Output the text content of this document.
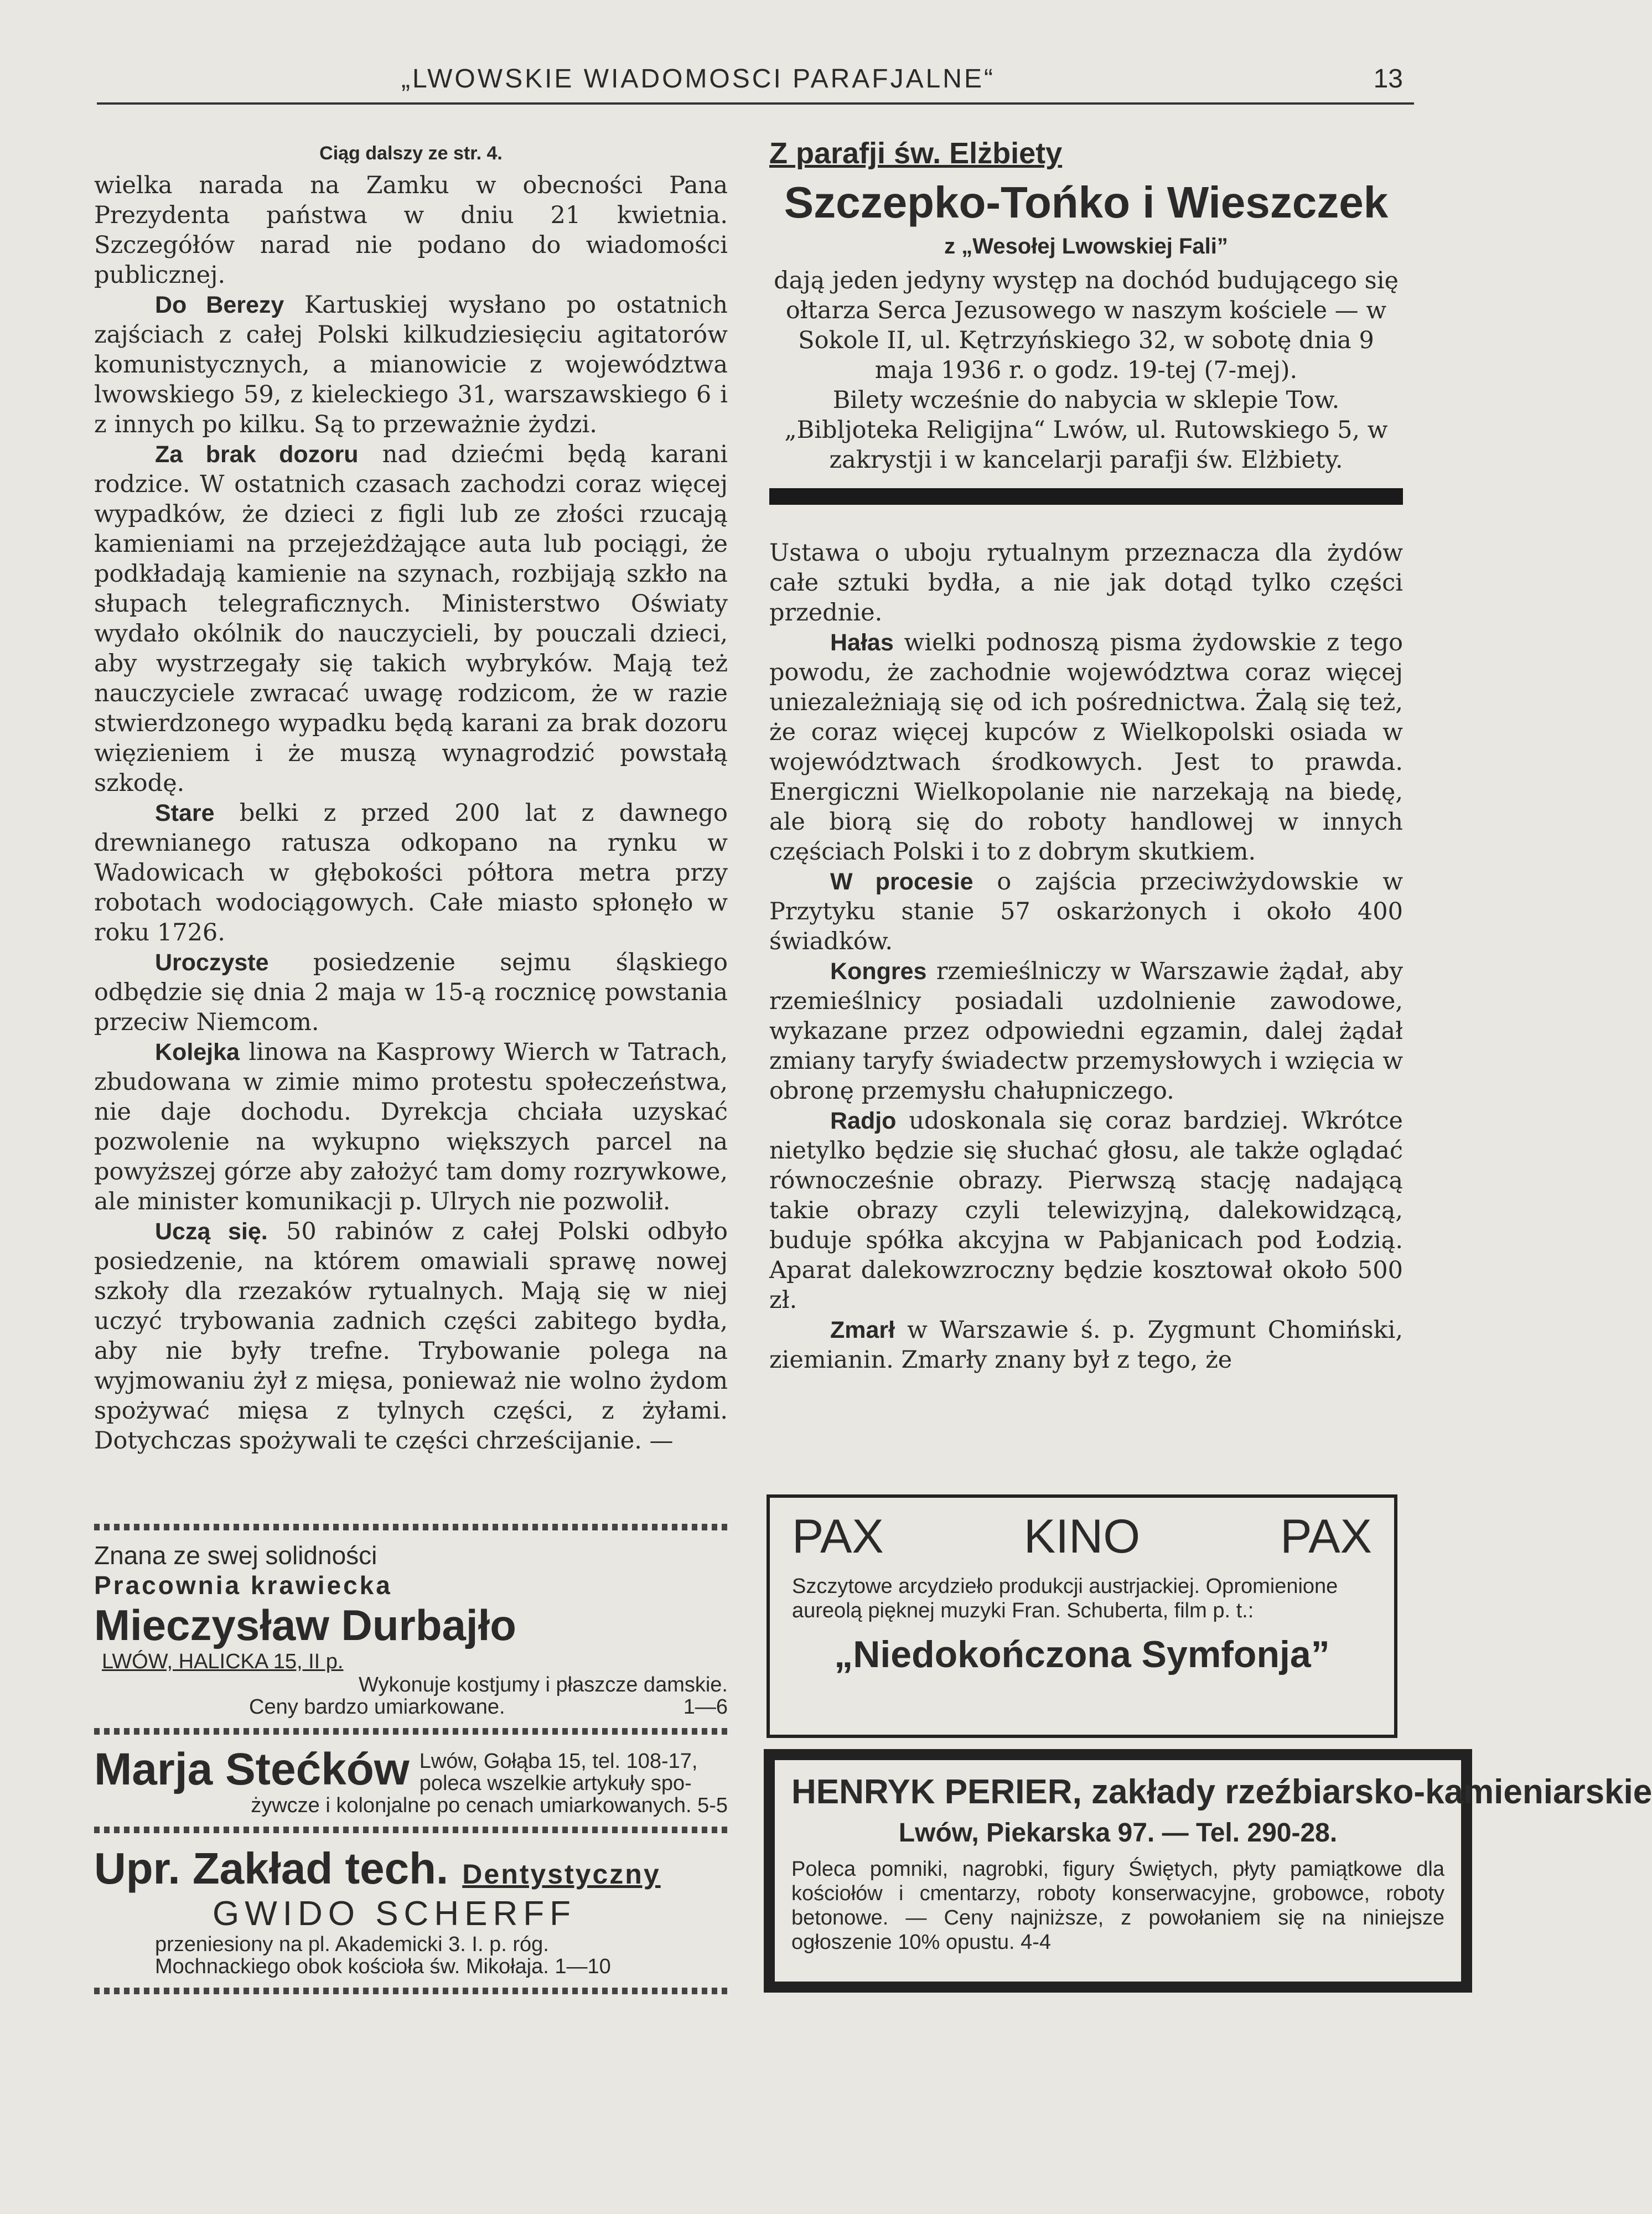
„LWOWSKIE WIADOMOSCI PARAFJALNE“	13

Ciąg dalszy ze str. 4.

wielka narada na Zamku w obecności Pana Prezydenta państwa w dniu 21 kwietnia. Szczegółów narad nie podano do wiadomości publicznej.

Do Berezy Kartuskiej wysłano po ostatnich zajściach z całej Polski kilkudziesięciu agitatorów komunistycznych, a mianowicie z województwa lwowskiego 59, z kieleckiego 31, warszawskiego 6 i z innych po kilku. Są to przeważnie żydzi.

Za brak dozoru nad dziećmi będą karani rodzice. W ostatnich czasach zachodzi coraz więcej wypadków, że dzieci z figli lub ze złości rzucają kamieniami na przejeżdżające auta lub pociągi, że podkładają kamienie na szynach, rozbijają szkło na słupach telegraficznych. Ministerstwo Oświaty wydało okólnik do nauczycieli, by pouczali dzieci, aby wystrzegały się takich wybryków. Mają też nauczyciele zwracać uwagę rodzicom, że w razie stwierdzonego wypadku będą karani za brak dozoru więzieniem i że muszą wynagrodzić powstałą szkodę.

Stare belki z przed 200 lat z dawnego drewnianego ratusza odkopano na rynku w Wadowicach w głębokości półtora metra przy robotach wodociągowych. Całe miasto spłonęło w roku 1726.

Uroczyste posiedzenie sejmu śląskiego odbędzie się dnia 2 maja w 15-ą rocznicę powstania przeciw Niemcom.

Kolejka linowa na Kasprowy Wierch w Tatrach, zbudowana w zimie mimo protestu społeczeństwa, nie daje dochodu. Dyrekcja chciała uzyskać pozwolenie na wykupno większych parcel na powyższej górze aby założyć tam domy rozrywkowe, ale minister komunikacji p. Ulrych nie pozwolił.

Uczą się. 50 rabinów z całej Polski odbyło posiedzenie, na którem omawiali sprawę nowej szkoły dla rzezaków rytualnych. Mają się w niej uczyć trybowania zadnich części zabitego bydła, aby nie były trefne. Trybowanie polega na wyjmowaniu żył z mięsa, ponieważ nie wolno żydom spożywać mięsa z tylnych części, z żyłami. Dotychczas spożywali te części chrześcijanie. —

Znana ze swej solidności
Pracownia krawiecka
Mieczysław Durbajło LWÓW, HALICKA 15, II p.
Wykonuje kostjumy i płaszcze damskie.
Ceny bardzo umiarkowane.	1—6
Marja Stećków Lwów, Gołąba 15, tel. 108-17,
poleca wszelkie artykuły spo-
żywcze i kolonjalne po cenach umiarkowanych. 5-5
Upr. Zakład tech. Dentystyczny
GWIDO SCHERFF
przeniesiony na pl. Akademicki 3. I. p. róg.
Mochnackiego obok kościoła św. Mikołaja. 1—10

Z parafji św. Elżbiety

Szczepko-Tońko i Wieszczek

z „Wesołej Lwowskiej Fali”

dają jeden jedyny występ na dochód budującego się ołtarza Serca Jezusowego w naszym kościele — w Sokole II, ul. Kętrzyńskiego 32, w sobotę dnia 9 maja 1936 r. o godz. 19-tej (7-mej).

Bilety wcześnie do nabycia w sklepie Tow. „Bibljoteka Religijna“ Lwów, ul. Rutowskiego 5, w zakrystji i w kancelarji parafji św. Elżbiety.

Ustawa o uboju rytualnym przeznacza dla żydów całe sztuki bydła, a nie jak dotąd tylko części przednie.

Hałas wielki podnoszą pisma żydowskie z tego powodu, że zachodnie województwa coraz więcej uniezależniają się od ich pośrednictwa. Żalą się też, że coraz więcej kupców z Wielkopolski osiada w województwach środkowych. Jest to prawda. Energiczni Wielkopolanie nie narzekają na biedę, ale biorą się do roboty handlowej w innych częściach Polski i to z dobrym skutkiem.

W procesie o zajścia przeciwżydowskie w Przytyku stanie 57 oskarżonych i około 400 świadków.

Kongres rzemieślniczy w Warszawie żądał, aby rzemieślnicy posiadali uzdolnienie zawodowe, wykazane przez odpowiedni egzamin, dalej żądał zmiany taryfy świadectw przemysłowych i wzięcia w obronę przemysłu chałupniczego.

Radjo udoskonala się coraz bardziej. Wkrótce nietylko będzie się słuchać głosu, ale także oglądać równocześnie obrazy. Pierwszą stację nadającą takie obrazy czyli telewizyjną, dalekowidzącą, buduje spółka akcyjna w Pabjanicach pod Łodzią. Aparat dalekowzroczny będzie kosztował około 500 zł.

Zmarł w Warszawie ś. p. Zygmunt Chomiński, ziemianin. Zmarły znany był z tego, że

PAX	KINO	PAX
Szczytowe arcydzieło produkcji austrjackiej. Opromienione aureolą pięknej muzyki Fran. Schuberta, film p. t.:
„Niedokończona Symfonja”
HENRYK PERIER, zakłady rzeźbiarsko-kamieniarskie
Lwów, Piekarska 97. — Tel. 290-28.
Poleca pomniki, nagrobki, figury Świętych, płyty pamiątkowe dla kościołów i cmentarzy, roboty konserwacyjne, grobowce, roboty betonowe. — Ceny najniższe, z powołaniem się na niniejsze ogłoszenie 10% opustu. 4-4
